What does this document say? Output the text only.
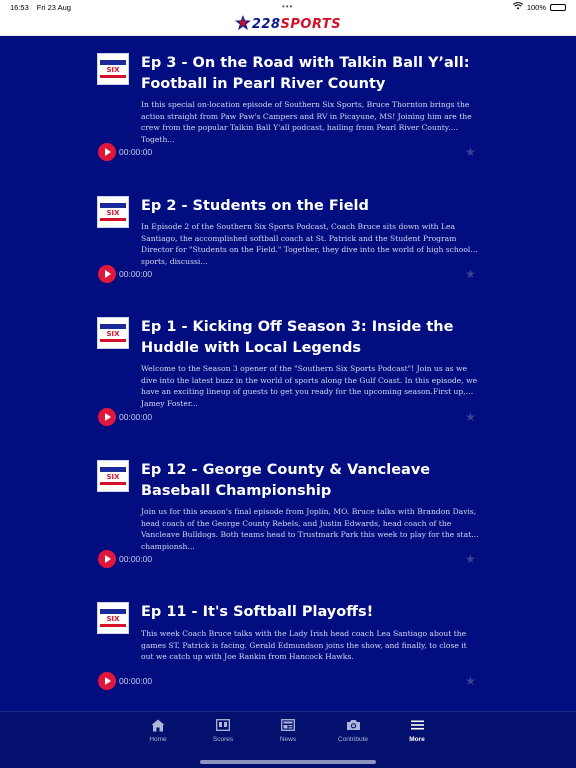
16:53 Fri 23 Aug	•••	100%
228SPORTS
SIX Ep 3 - On the Road with Talkin Ball Y’all: Football in Pearl River County
In this special on-location episode of Southern Six Sports, Bruce Thornton brings the action straight from Paw Paw's Campers and RV in Picayune, MS! Joining him are the crew from the popular Talkin Ball Y'all podcast, hailing from Pearl River County. Togeth...
00:00:00	★
SIX Ep 2 - Students on the Field
In Episode 2 of the Southern Six Sports Podcast, Coach Bruce sits down with Lea Santiago, the accomplished softball coach at St. Patrick and the Student Program Director for "Students on the Field." Together, they dive into the world of high school sports, discussi...
00:00:00	★
SIX Ep 1 - Kicking Off Season 3: Inside the Huddle with Local Legends
Welcome to the Season 3 opener of the "Southern Six Sports Podcast"! Join us as we dive into the latest buzz in the world of sports along the Gulf Coast. In this episode, we have an exciting lineup of guests to get you ready for the upcoming season.First up, Jamey Foster...
00:00:00	★
SIX Ep 12 - George County & Vancleave Baseball Championship
Join us for this season's final episode from Joplin, MO. Bruce talks with Brandon Davis, head coach of the George County Rebels, and Justin Edwards, head coach of the Vancleave Bulldogs. Both teams head to Trustmark Park this week to play for the state championsh...
00:00:00	★
SIX Ep 11 - It's Softball Playoffs!
This week Coach Bruce talks with the Lady Irish head coach Lea Santiago about the games ST. Patrick is facing. Gerald Edmundson joins the show, and finally, to close it out we catch up with Joe Rankin from Hancock Hawks.
00:00:00	★
Home	Scores	News	Contribute	More
